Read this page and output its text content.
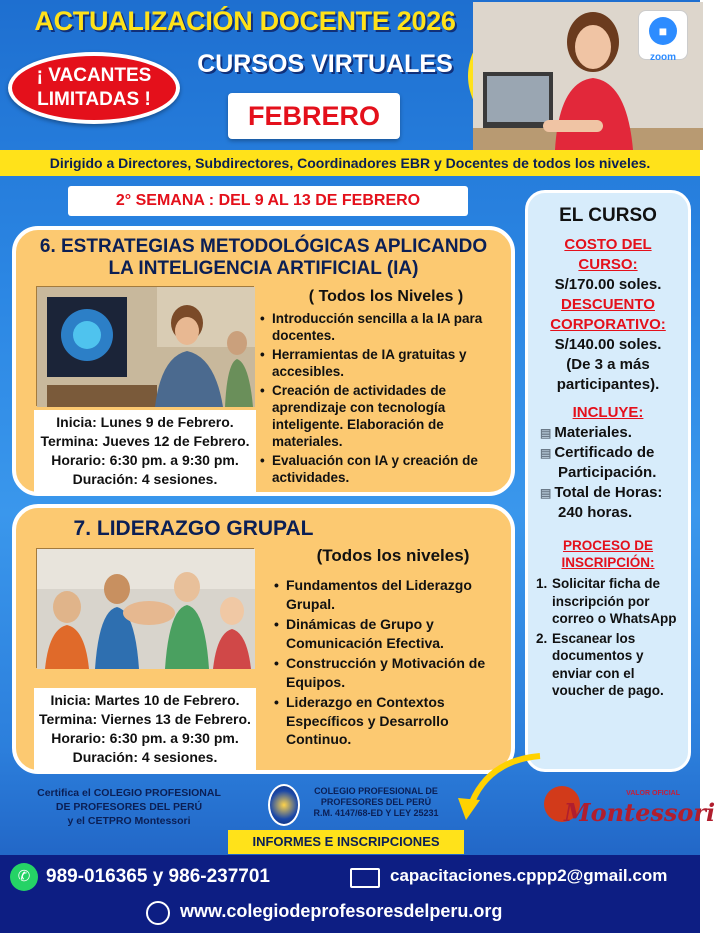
ACTUALIZACIÓN DOCENTE 2026
¡ VACANTES
LIMITADAS !
CURSOS VIRTUALES
FEBRERO
■
zoom
Dirigido a Directores, Subdirectores, Coordinadores EBR y Docentes de todos los niveles.
2° SEMANA : DEL 9 AL 13 DE FEBRERO
6. ESTRATEGIAS METODOLÓGICAS APLICANDO
LA INTELIGENCIA ARTIFICIAL (IA)
Inicia: Lunes 9 de Febrero.
Termina: Jueves 12 de Febrero.
Horario: 6:30 pm. a 9:30 pm.
Duración: 4 sesiones.
( Todos los Niveles )
• Introducción sencilla a la IA para docentes.
• Herramientas de IA gratuitas y accesibles.
• Creación de actividades de aprendizaje con tecnología inteligente. Elaboración de materiales.
• Evaluación con IA y creación de actividades.
7. LIDERAZGO GRUPAL
Inicia: Martes 10 de Febrero.
Termina: Viernes 13 de Febrero.
Horario: 6:30 pm. a 9:30 pm.
Duración: 4 sesiones.
(Todos los niveles)
• Fundamentos del Liderazgo Grupal.
• Dinámicas de Grupo y Comunicación Efectiva.
• Construcción y Motivación de Equipos.
• Liderazgo en Contextos Específicos y Desarrollo Continuo.
EL CURSO
COSTO DEL
CURSO:
S/170.00 soles.
DESCUENTO
CORPORATIVO:
S/140.00 soles.
(De 3 a más
participantes).
INCLUYE:
▤ Materiales.
▤ Certificado de
Participación.
▤ Total de Horas:
240 horas.
PROCESO DE
INSCRIPCIÓN:
1. Solicitar ficha de
inscripción por
correo o WhatsApp
2. Escanear los
documentos y
enviar con el
voucher de pago.
Certifica el COLEGIO PROFESIONAL
DE PROFESORES DEL PERÚ
y el CETPRO Montessori
COLEGIO PROFESIONAL DE
PROFESORES DEL PERÚ
R.M. 4147/68-ED Y LEY 25231
VALOR OFICIAL
Montessori
INFORMES E INSCRIPCIONES
✆ 989-016365 y 986-237701	capacitaciones.cppp2@gmail.com
www.colegiodeprofesoresdelperu.org
